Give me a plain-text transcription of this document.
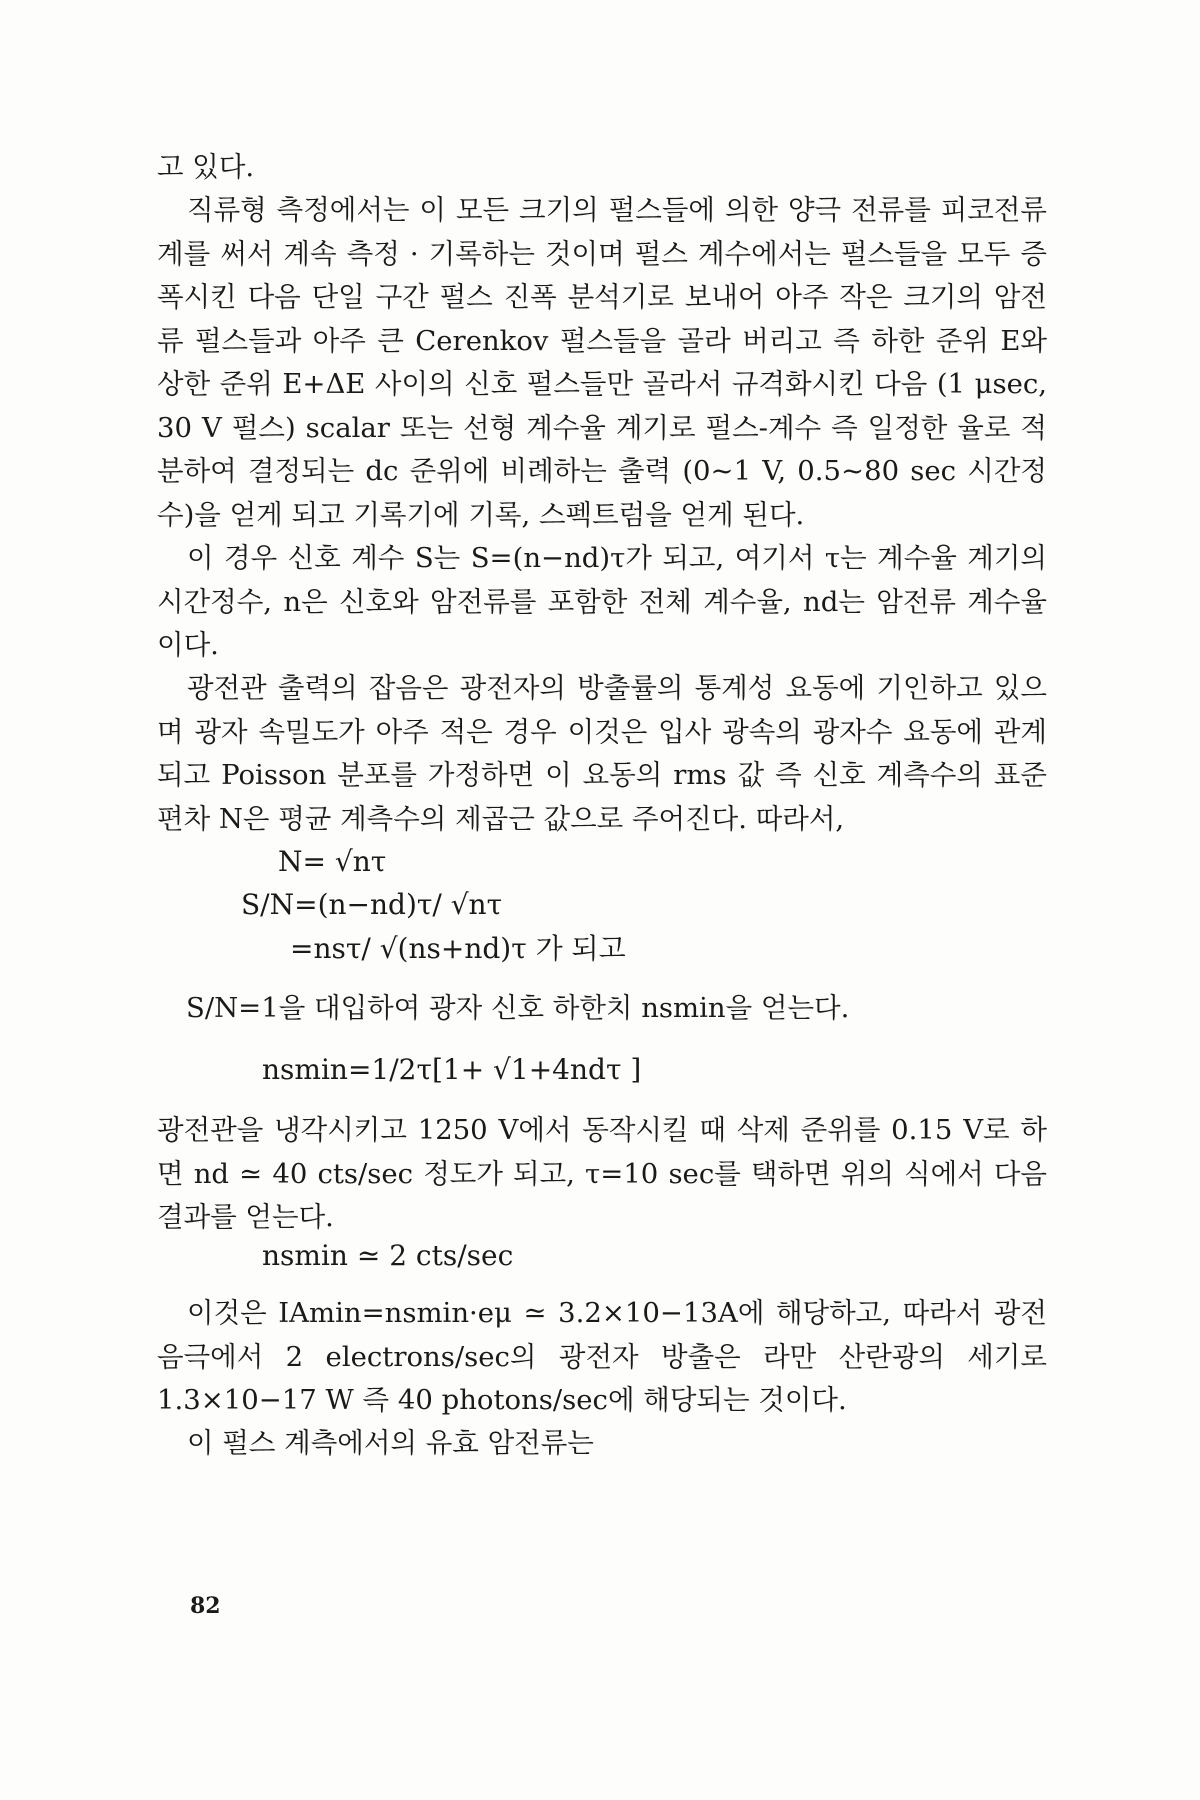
고 있다.

직류형 측정에서는 이 모든 크기의 펄스들에 의한 양극 전류를 피코전류계를 써서 계속 측정 · 기록하는 것이며 펄스 계수에서는 펄스들을 모두 증폭시킨 다음 단일 구간 펄스 진폭 분석기로 보내어 아주 작은 크기의 암전류 펄스들과 아주 큰 Cerenkov 펄스들을 골라 버리고 즉 하한 준위 E와 상한 준위 E+ΔE 사이의 신호 펄스들만 골라서 규격화시킨 다음 (1 μsec, 30 V 펄스) scalar 또는 선형 계수율 계기로 펄스-계수 즉 일정한 율로 적분하여 결정되는 dc 준위에 비례하는 출력 (0~1 V, 0.5~80 sec 시간정수)을 얻게 되고 기록기에 기록, 스펙트럼을 얻게 된다.

이 경우 신호 계수 S는 S=(n−nd)τ가 되고, 여기서 τ는 계수율 계기의 시간정수, n은 신호와 암전류를 포함한 전체 계수율, nd는 암전류 계수율이다.

광전관 출력의 잡음은 광전자의 방출률의 통계성 요동에 기인하고 있으며 광자 속밀도가 아주 적은 경우 이것은 입사 광속의 광자수 요동에 관계되고 Poisson 분포를 가정하면 이 요동의 rms 값 즉 신호 계측수의 표준 편차 N은 평균 계측수의 제곱근 값으로 주어진다. 따라서,

N= √nτ

S/N=(n−nd)τ/ √nτ

=nsτ/ √(ns+nd)τ 가 되고

S/N=1을 대입하여 광자 신호 하한치 nsmin을 얻는다.

nsmin=1/2τ[1+ √1+4ndτ ]

광전관을 냉각시키고 1250 V에서 동작시킬 때 삭제 준위를 0.15 V로 하면 nd ≃ 40 cts/sec 정도가 되고, τ=10 sec를 택하면 위의 식에서 다음 결과를 얻는다.

nsmin ≃ 2 cts/sec

이것은 IAmin=nsmin·eμ ≃ 3.2×10−13A에 해당하고, 따라서 광전음극에서 2 electrons/sec의 광전자 방출은 라만 산란광의 세기로 1.3×10−17 W 즉 40 photons/sec에 해당되는 것이다.

이 펄스 계측에서의 유효 암전류는

82
